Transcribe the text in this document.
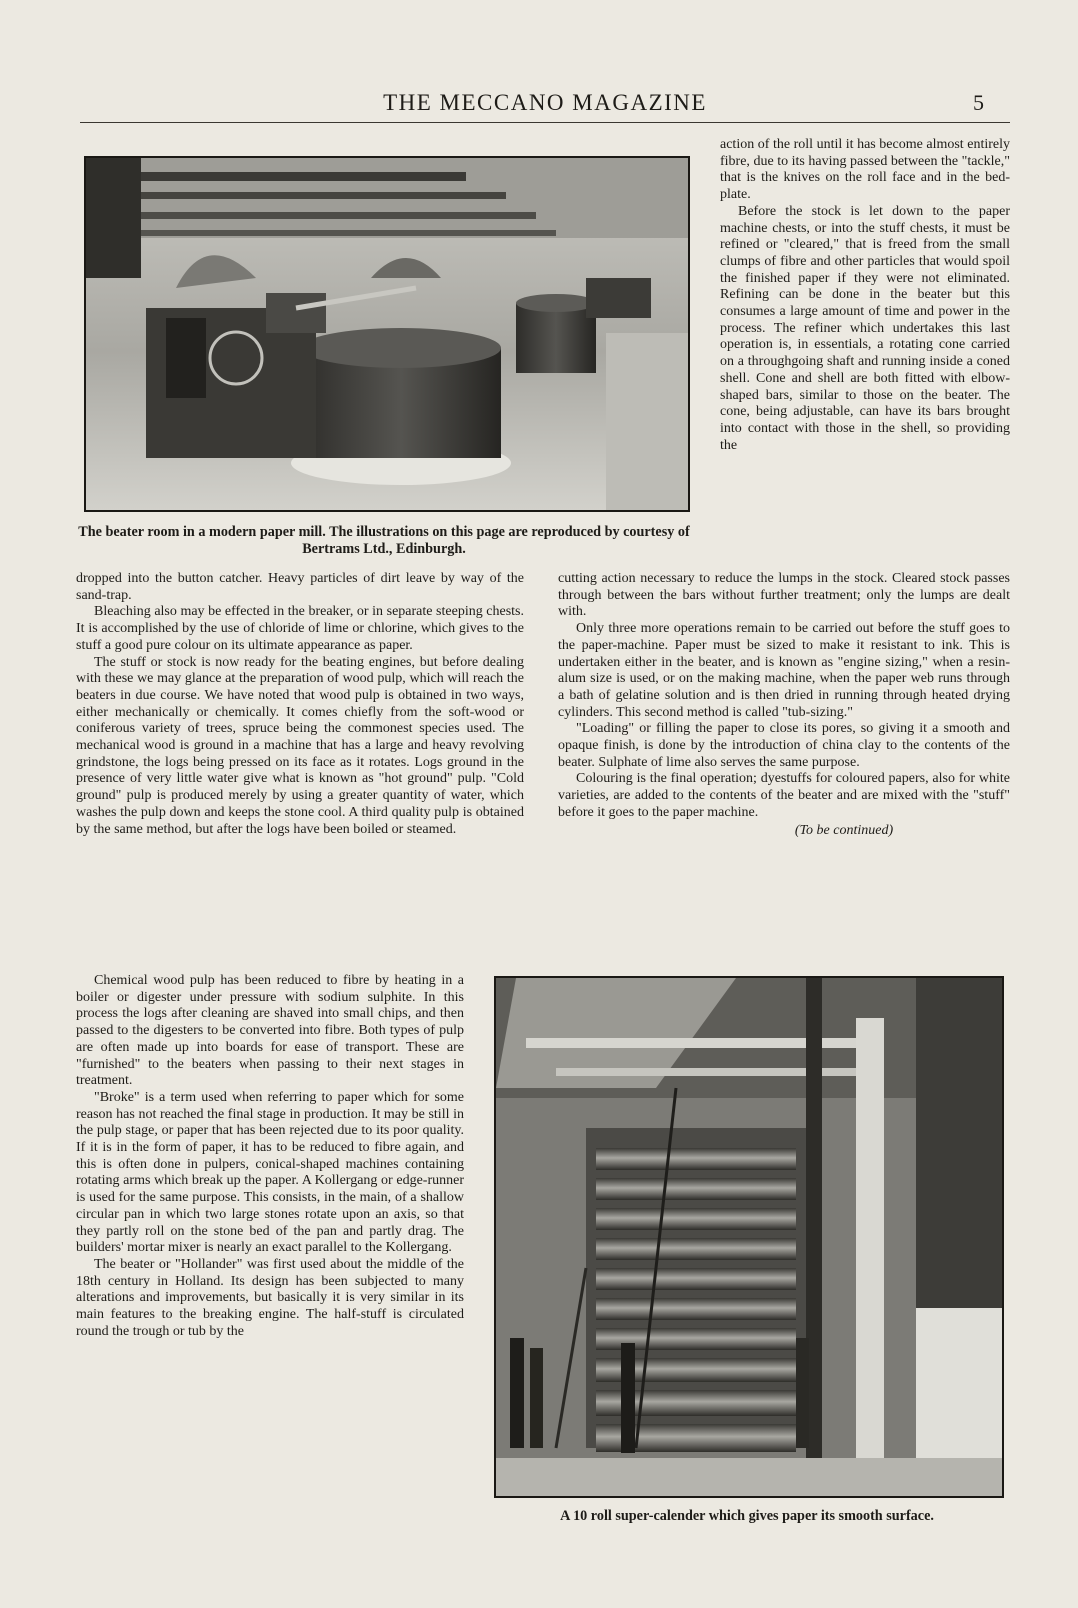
THE MECCANO MAGAZINE	5
The beater room in a modern paper mill. The illustrations on this page are reproduced by courtesy of Bertrams Ltd., Edinburgh.

action of the roll until it has become almost entirely fibre, due to its having passed between the "tackle," that is the knives on the roll face and in the bed-plate.

Before the stock is let down to the paper machine chests, or into the stuff chests, it must be refined or "cleared," that is freed from the small clumps of fibre and other particles that would spoil the finished paper if they were not eliminated. Refining can be done in the beater but this consumes a large amount of time and power in the process. The refiner which undertakes this last operation is, in essentials, a rotating cone carried on a throughgoing shaft and running inside a coned shell. Cone and shell are both fitted with elbow-shaped bars, similar to those on the beater. The cone, being adjustable, can have its bars brought into contact with those in the shell, so providing the

dropped into the button catcher. Heavy particles of dirt leave by way of the sand-trap.

Bleaching also may be effected in the breaker, or in separate steeping chests. It is accomplished by the use of chloride of lime or chlorine, which gives to the stuff a good pure colour on its ultimate appearance as paper.

The stuff or stock is now ready for the beating engines, but before dealing with these we may glance at the preparation of wood pulp, which will reach the beaters in due course. We have noted that wood pulp is obtained in two ways, either mechanically or chemically. It comes chiefly from the soft-wood or coniferous variety of trees, spruce being the commonest species used. The mechanical wood is ground in a machine that has a large and heavy revolving grindstone, the logs being pressed on its face as it rotates. Logs ground in the presence of very little water give what is known as "hot ground" pulp. "Cold ground" pulp is produced merely by using a greater quantity of water, which washes the pulp down and keeps the stone cool. A third quality pulp is obtained by the same method, but after the logs have been boiled or steamed.

cutting action necessary to reduce the lumps in the stock. Cleared stock passes through between the bars without further treatment; only the lumps are dealt with.

Only three more operations remain to be carried out before the stuff goes to the paper-machine. Paper must be sized to make it resistant to ink. This is undertaken either in the beater, and is known as "engine sizing," when a resin-alum size is used, or on the making machine, when the paper web runs through a bath of gelatine solution and is then dried in running through heated drying cylinders. This second method is called "tub-sizing."

"Loading" or filling the paper to close its pores, so giving it a smooth and opaque finish, is done by the introduction of china clay to the contents of the beater. Sulphate of lime also serves the same purpose.

Colouring is the final operation; dyestuffs for coloured papers, also for white varieties, are added to the contents of the beater and are mixed with the "stuff" before it goes to the paper machine.

(To be continued)

Chemical wood pulp has been reduced to fibre by heating in a boiler or digester under pressure with sodium sulphite. In this process the logs after cleaning are shaved into small chips, and then passed to the digesters to be converted into fibre. Both types of pulp are often made up into boards for ease of transport. These are "furnished" to the beaters when passing to their next stages in treatment.

"Broke" is a term used when referring to paper which for some reason has not reached the final stage in production. It may be still in the pulp stage, or paper that has been rejected due to its poor quality. If it is in the form of paper, it has to be reduced to fibre again, and this is often done in pulpers, conical-shaped machines containing rotating arms which break up the paper. A Kollergang or edge-runner is used for the same purpose. This consists, in the main, of a shallow circular pan in which two large stones rotate upon an axis, so that they partly roll on the stone bed of the pan and partly drag. The builders' mortar mixer is nearly an exact parallel to the Kollergang.

The beater or "Hollander" was first used about the middle of the 18th century in Holland. Its design has been subjected to many alterations and improvements, but basically it is very similar in its main features to the breaking engine. The half-stuff is circulated round the trough or tub by the

A 10 roll super-calender which gives paper its smooth surface.
